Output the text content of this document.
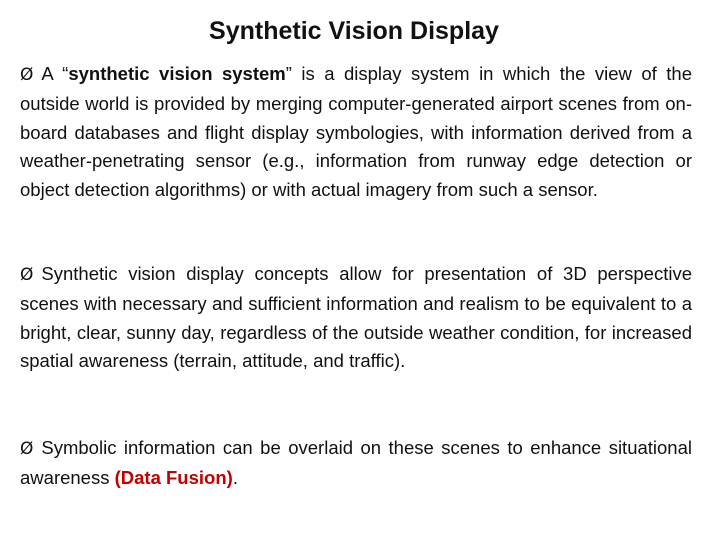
Synthetic Vision Display

Ø A “synthetic vision system” is a display system in which the view of the outside world is provided by merging computer-generated airport scenes from on-board databases and flight display symbologies, with information derived from a weather-penetrating sensor (e.g., information from runway edge detection or object detection algorithms) or with actual imagery from such a sensor.

Ø Synthetic vision display concepts allow for presentation of 3D perspective scenes with necessary and sufficient information and realism to be equivalent to a bright, clear, sunny day, regardless of the outside weather condition, for increased spatial awareness (terrain, attitude, and traffic).

Ø Symbolic information can be overlaid on these scenes to enhance situational awareness (Data Fusion).
